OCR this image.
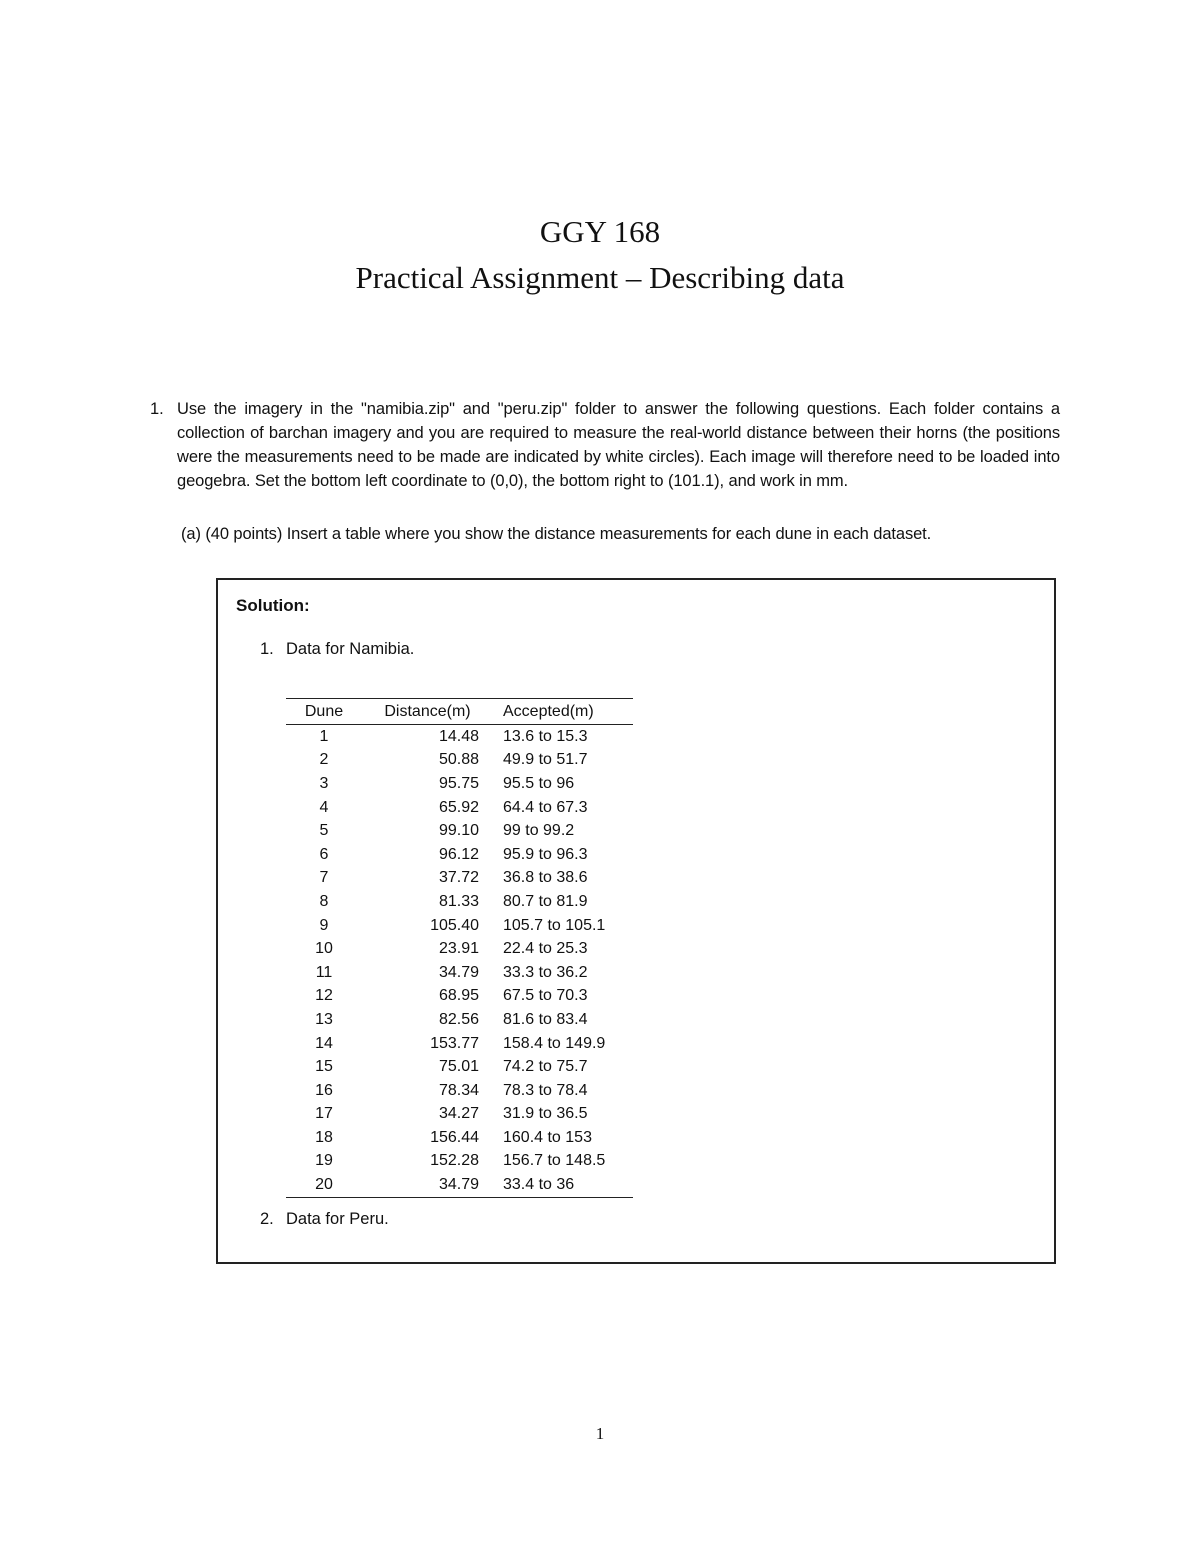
GGY 168

Practical Assignment – Describing data

1. Use the imagery in the "namibia.zip" and "peru.zip" folder to answer the following questions. Each folder contains a collection of barchan imagery and you are required to measure the real-world distance between their horns (the positions were the measurements need to be made are indicated by white circles). Each image will therefore need to be loaded into geogebra. Set the bottom left coordinate to (0,0), the bottom right to (101.1), and work in mm.
(a) (40 points) Insert a table where you show the distance measurements for each dune in each dataset.
Solution:
1. Data for Namibia.
Dune	Distance(m)	Accepted(m)
1	14.48	13.6 to 15.3
2	50.88	49.9 to 51.7
3	95.75	95.5 to 96
4	65.92	64.4 to 67.3
5	99.10	99 to 99.2
6	96.12	95.9 to 96.3
7	37.72	36.8 to 38.6
8	81.33	80.7 to 81.9
9	105.40	105.7 to 105.1
10	23.91	22.4 to 25.3
11	34.79	33.3 to 36.2
12	68.95	67.5 to 70.3
13	82.56	81.6 to 83.4
14	153.77	158.4 to 149.9
15	75.01	74.2 to 75.7
16	78.34	78.3 to 78.4
17	34.27	31.9 to 36.5
18	156.44	160.4 to 153
19	152.28	156.7 to 148.5
20	34.79	33.4 to 36
2. Data for Peru.
1
